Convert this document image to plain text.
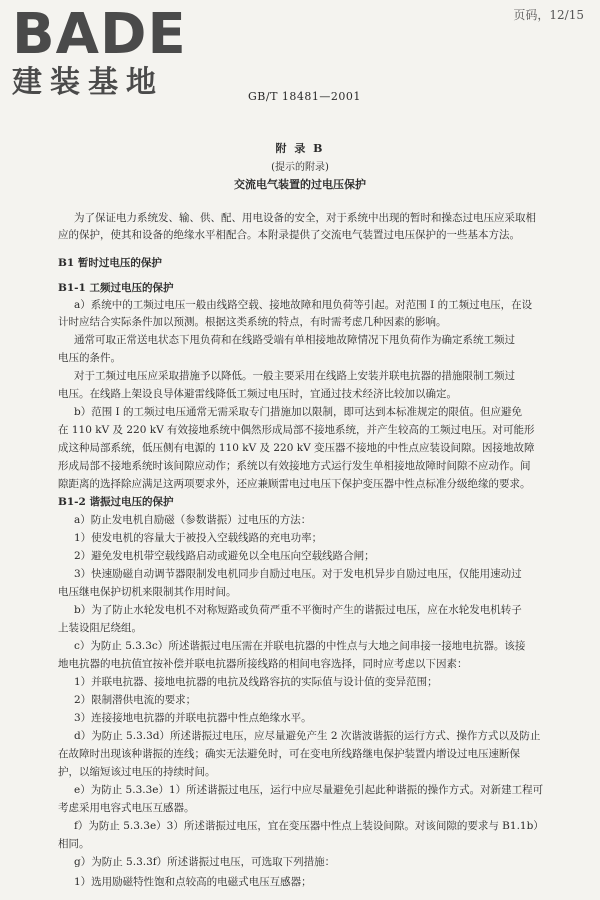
BADE
建装基地
页码，12/15
GB/T 18481—2001
附 录 B
(提示的附录)
交流电气装置的过电压保护
为了保证电力系统发、输、供、配、用电设备的安全，对于系统中出现的暂时和操态过电压应采取相
应的保护，使其和设备的绝缘水平相配合。本附录提供了交流电气装置过电压保护的一些基本方法。
B1 暂时过电压的保护
B1-1 工频过电压的保护
a）系统中的工频过电压一般由线路空载、接地故障和甩负荷等引起。对范围 I 的工频过电压，在设
计时应结合实际条件加以预测。根据这类系统的特点，有时需考虑几种因素的影响。
通常可取正常送电状态下甩负荷和在线路受端有单相接地故障情况下甩负荷作为确定系统工频过
电压的条件。
对于工频过电压应采取措施予以降低。一般主要采用在线路上安装并联电抗器的措施限制工频过
电压。在线路上架设良导体避雷线降低工频过电压时，宜通过技术经济比较加以确定。
b）范围 I 的工频过电压通常无需采取专门措施加以限制，即可达到本标准规定的限值。但应避免
在 110 kV 及 220 kV 有效接地系统中偶然形成局部不接地系统，并产生较高的工频过电压。对可能形
成这种局部系统，低压侧有电源的 110 kV 及 220 kV 变压器不接地的中性点应装设间隙。因接地故障
形成局部不接地系统时该间隙应动作；系统以有效接地方式运行发生单相接地故障时间隙不应动作。间
隙距离的选择除应满足这两项要求外，还应兼顾雷电过电压下保护变压器中性点标准分级绝缘的要求。
B1-2 谐振过电压的保护
a）防止发电机自励磁（参数谐振）过电压的方法：
1）使发电机的容量大于被投入空载线路的充电功率；
2）避免发电机带空载线路启动或避免以全电压向空载线路合闸；
3）快速励磁自动调节器限制发电机同步自励过电压。对于发电机异步自励过电压，仅能用速动过
电压继电保护切机来限制其作用时间。
b）为了防止水轮发电机不对称短路或负荷严重不平衡时产生的谐振过电压，应在水轮发电机转子
上装设阻尼绕组。
c）为防止 5.3.3c）所述谐振过电压需在并联电抗器的中性点与大地之间串接一接地电抗器。该接
地电抗器的电抗值宜按补偿并联电抗器所接线路的相间电容选择，同时应考虑以下因素：
1）并联电抗器、接地电抗器的电抗及线路容抗的实际值与设计值的变异范围；
2）限制潜供电流的要求；
3）连接接地电抗器的并联电抗器中性点绝缘水平。
d）为防止 5.3.3d）所述谐振过电压，应尽量避免产生 2 次谐波谐振的运行方式、操作方式以及防止
在故障时出现该种谐振的连线；确实无法避免时，可在变电所线路继电保护装置内增设过电压速断保
护，以缩短该过电压的持续时间。
e）为防止 5.3.3e）1）所述谐振过电压，运行中应尽量避免引起此种谐振的操作方式。对新建工程可
考虑采用电容式电压互感器。
f）为防止 5.3.3e）3）所述谐振过电压，宜在变压器中性点上装设间隙。对该间隙的要求与 B1.1b）
相同。
g）为防止 5.3.3f）所述谐振过电压，可选取下列措施：
1）选用励磁特性饱和点较高的电磁式电压互感器；
